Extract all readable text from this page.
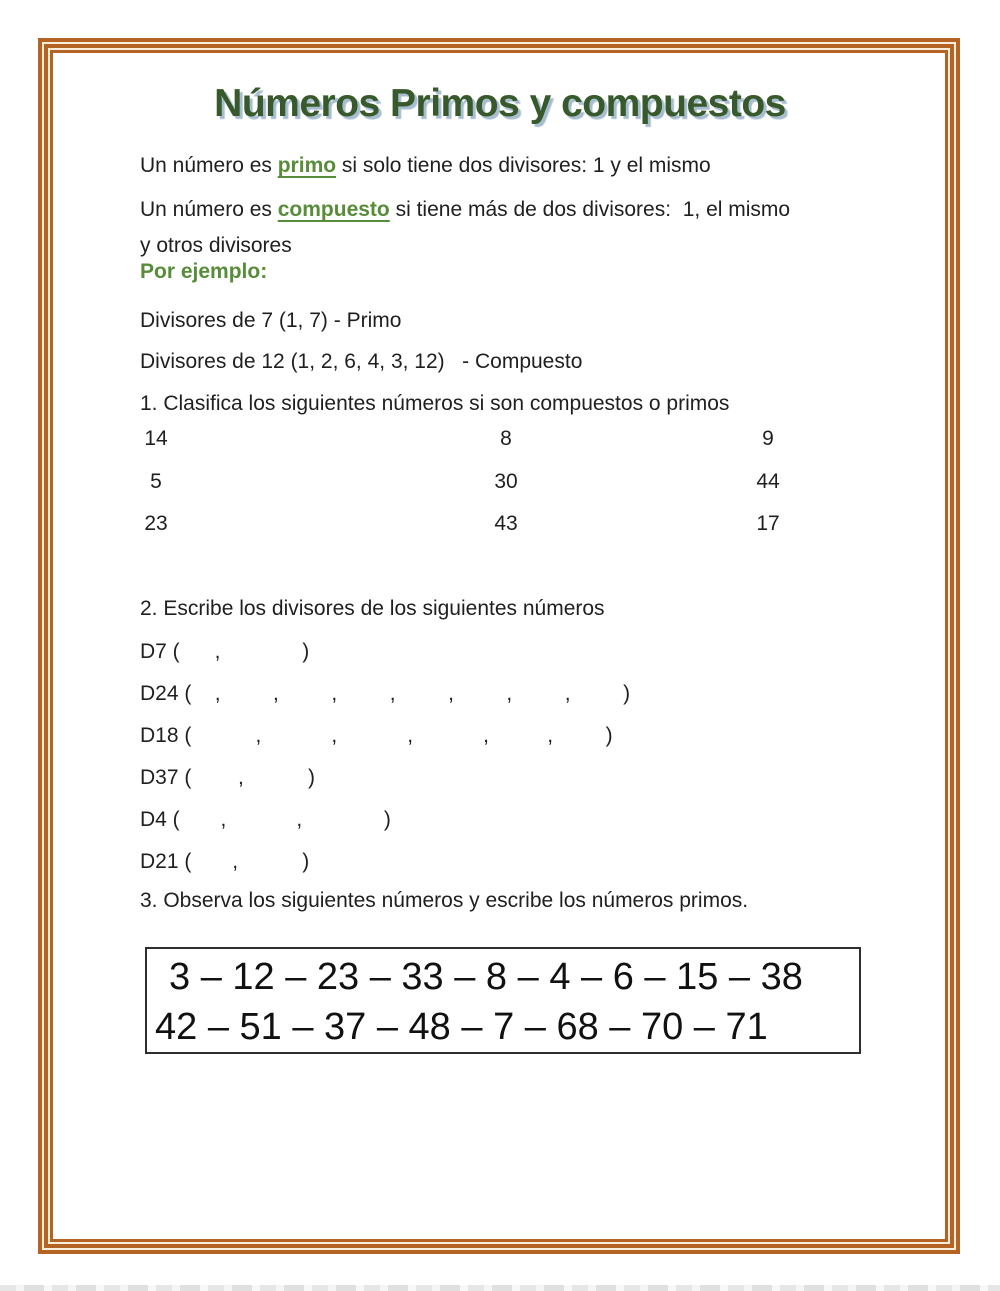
Números Primos y compuestos
Un número es primo si solo tiene dos divisores: 1 y el mismo
Un número es compuesto si tiene más de dos divisores:  1, el mismo
y otros divisores
Por ejemplo:
Divisores de 7 (1, 7) - Primo
Divisores de 12 (1, 2, 6, 4, 3, 12)   - Compuesto
1. Clasifica los siguientes números si son compuestos o primos
14	8	9
5	30	44
23	43	17
2. Escribe los divisores de los siguientes números
D7 (      ,              )
D24 (    ,         ,         ,         ,         ,         ,         ,         )
D18 (           ,            ,            ,            ,          ,         )
D37 (        ,           )
D4 (       ,            ,              )
D21 (       ,           )
3. Observa los siguientes números y escribe los números primos.
3 – 12 – 23 – 33 – 8 – 4 – 6 – 15 – 38
42 – 51 – 37 – 48 – 7 – 68 – 70 – 71
